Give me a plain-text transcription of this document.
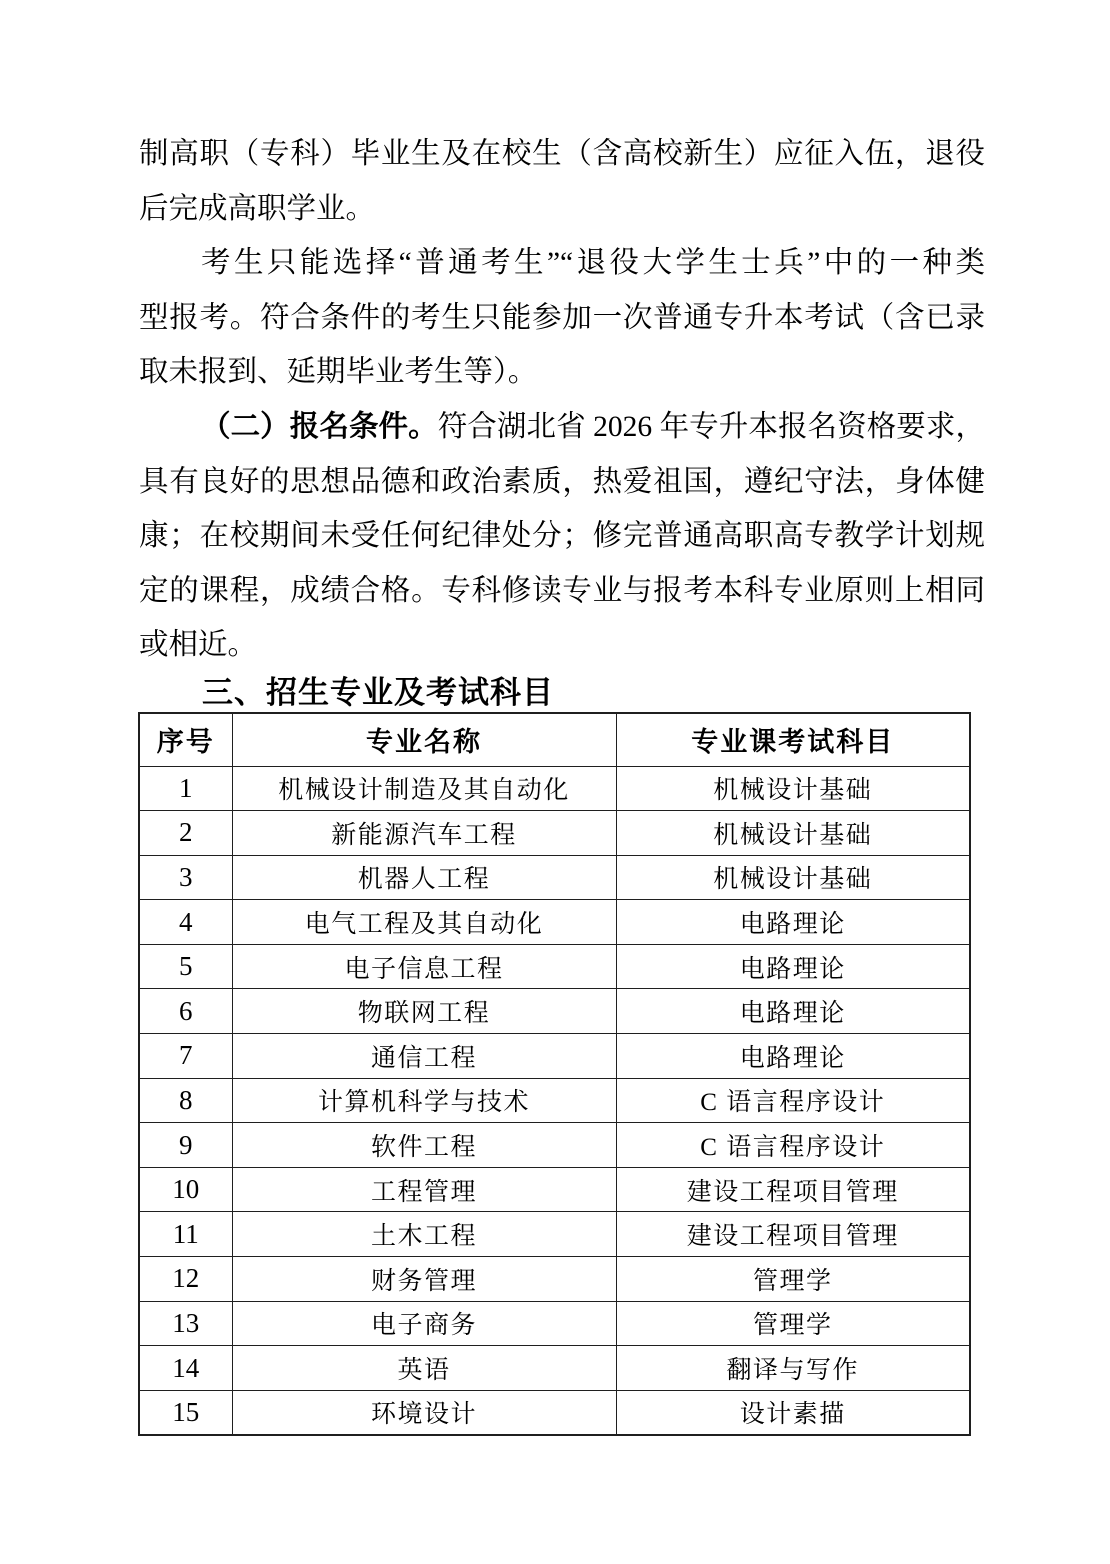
制高职（专科）毕业生及在校生（含高校新生）应征入伍，退役
后完成高职学业。
考生只能选择“普通考生”“退役大学生士兵”中的一种类
型报考。符合条件的考生只能参加一次普通专升本考试（含已录
取未报到、延期毕业考生等）。
（二）报名条件。符合湖北省 2026 年专升本报名资格要求，
具有良好的思想品德和政治素质，热爱祖国，遵纪守法，身体健
康；在校期间未受任何纪律处分；修完普通高职高专教学计划规
定的课程，成绩合格。专科修读专业与报考本科专业原则上相同
或相近。
三、招生专业及考试科目
序号	专业名称	专业课考试科目
1	机械设计制造及其自动化	机械设计基础
2	新能源汽车工程	机械设计基础
3	机器人工程	机械设计基础
4	电气工程及其自动化	电路理论
5	电子信息工程	电路理论
6	物联网工程	电路理论
7	通信工程	电路理论
8	计算机科学与技术	C 语言程序设计
9	软件工程	C 语言程序设计
10	工程管理	建设工程项目管理
11	土木工程	建设工程项目管理
12	财务管理	管理学
13	电子商务	管理学
14	英语	翻译与写作
15	环境设计	设计素描
